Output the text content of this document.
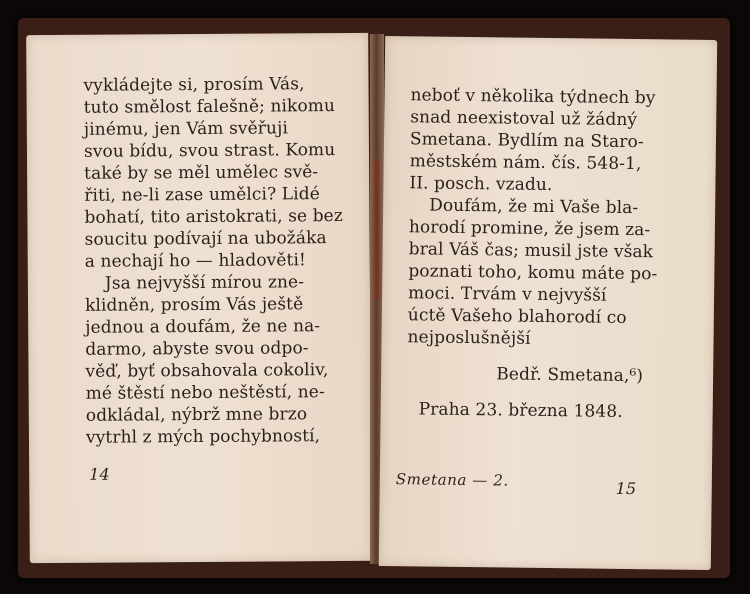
vykládejte si, prosím Vás,
tuto smělost falešně; nikomu
jinému, jen Vám svěřuji
svou bídu, svou strast. Komu
také by se měl umělec svě-
řiti, ne-li zase umělci? Lidé
bohatí, tito aristokrati, se bez
soucitu podívají na ubožáka
a nechají ho — hladověti!
Jsa nejvyšší mírou zne-
klidněn, prosím Vás ještě
jednou a doufám, že ne na-
darmo, abyste svou odpo-
věď, byť obsahovala cokoliv,
mé štěstí nebo neštěstí, ne-
odkládal, nýbrž mne brzo
vytrhl z mých pochybností,
14
neboť v několika týdnech by
snad neexistoval už žádný
Smetana. Bydlím na Staro-
městském nám. čís. 548-1,
II. posch. vzadu.
Doufám, že mi Vaše bla-
horodí promine, že jsem za-
bral Váš čas; musil jste však
poznati toho, komu máte po-
moci. Trvám v nejvyšší
úctě Vašeho blahorodí co
nejposlušnější
Bedř. Smetana,⁶)
Praha 23. března 1848.
Smetana — 2.	15
